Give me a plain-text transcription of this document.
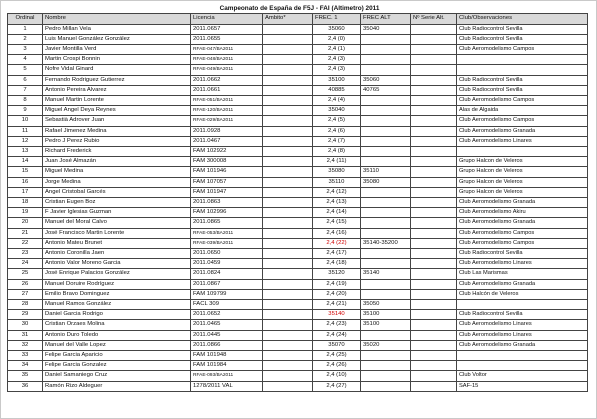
Campeonato de España de F5J - FAI (Altimetro) 2011
Ordinal	Nombre	Licencia	Ambito*	FREC. 1	FREC ALT	Nº Serie Alt.	Club/Observaciones
1	Pedro Millan Vela	2011.0657		35060	35040		Club Radiocontrol Sevilla
2	Luis Manuel González González	2011.0655		2,4 (0)			Club Radiocontrol Sevilla
3	Javier Montilla Verd	RFAE-047/BA2011		2,4 (1)			Club Aeromodelismo Campos
4	Martin Crospi Bonnin	RFAE-048/BA2011		2,4 (3)			
5	Nofre Vidal Ginard	RFAE-049/BA2011		2,4 (3)			
6	Fernando Rodriguez Gutierrez	2011.0662		35100	35060		Club Radiocontrol Sevilla
7	Antonio Pereira Alvarez	2011.0661		40885	40765		Club Radiocontrol Sevilla
8	Manuel Martin Lorente	RFAE-051/BA2011		2,4 (4)			Club Aeromodelismo Campos
9	Miguel Angel Deya Reynes	RFAE-120/BA2011		35040			Alas de Algaida
10	Sebastià Adrover Juan	RFAE-029/BA2011		2,4 (5)			Club Aeromodelismo Campos
11	Rafael Jimenez Medina	2011.0928		2,4 (6)			Club Aeromodelismo Granada
12	Pedro J Perez Rubio	2011.0467		2,4 (7)			Club Aeromodelismo Linares
13	Richard Frederick	FAM 102922		2,4 (8)			
14	Juan José Almazán	FAM 300008		2,4 (11)			Grupo Halcon de Veleros
15	Miguel Medina	FAM 101946		35080	35110		Grupo Halcon de Veleros
16	Jorge Medina	FAM 107057		35110	35080		Grupo Halcon de Veleros
17	Angel Cristobal Garcés	FAM 101947		2,4 (12)			Grupo Halcon de Veleros
18	Cristian Eugen Boz	2011.0863		2,4 (13)			Club Aeromodelismo Granada
19	F Javier Iglesias Guzman	FAM 102996		2,4 (14)			Club Aeromodelismo Akiru
20	Manuel del Moral Calvo	2011.0865		2,4 (15)			Club Aeromodelismo Granada
21	José Francisco Martin Lorente	RFAE-053/BA2011		2,4 (16)			Club Aeromodelismo Campos
22	Antonio Mateu Brunet	RFAE-039/BA2011		2,4 (22)	35140-35200		Club Aeromodelismo Campos
23	Antonio Coronilla Jaen	2011.0650		2,4 (17)			Club Radiocontrol Sevilla
24	Antonio Valor Moreno Garcia	2011.0459		2,4 (18)			Club Aeromodelismo Linares
25	José Enrique Palacios González	2011.0824		35120	35140		Club Las Marismas
26	Manuel Doruire Rodríguez	2011.0867		2,4 (19)			Club Aeromodelismo Granada
27	Emilio Bravo Dominguez	FAM 109799		2,4 (20)			Club Halcón de Veleros
28	Manuel Ramos González	FACL 309		2,4 (21)	35050		
29	Daniel Garcia Rodrigo	2011.0652		35140	35100		Club Radiocontrol Sevilla
30	Cristian Orzaes Molina	2011.0465		2,4 (23)	35100		Club Aeromodelismo Linares
31	Antonio Duro Toledo	2011.0445		2,4 (24)			Club Aeromodelismo Linares
32	Manuel del Valle Lopez	2011.0866		35070	35020		Club Aeromodelismo Granada
33	Felipe Garcia Aparicio	FAM 101948		2,4 (25)			
34	Felipe Garcia Gonzalez	FAM 101984		2,4 (26)			
35	Daniel Samaniego Cruz	RFAE-093/BA2011		2,4 (10)			Club Voltor
36	Ramón Rizo Aldeguer	1278/2011 VAL		2,4 (27)			SAF-15
